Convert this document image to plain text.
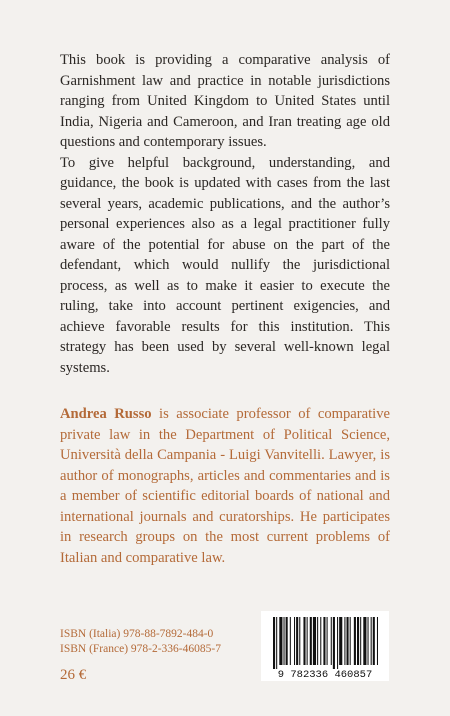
This book is providing a comparative analysis of Garnishment law and practice in notable jurisdictions ranging from United Kingdom to United States until India, Nigeria and Cameroon, and Iran treating age old questions and contemporary issues.

To give helpful background, understanding, and guidance, the book is updated with cases from the last several years, academic publications, and the author’s personal experiences also as a legal practitioner fully aware of the potential for abuse on the part of the defendant, which would nullify the jurisdictional process, as well as to make it easier to execute the ruling, take into account pertinent exigencies, and achieve favorable results for this institution. This strategy has been used by several well-known legal systems.

Andrea Russo is associate professor of comparative private law in the Department of Political Science, Università della Campania - Luigi Vanvitelli. Lawyer, is author of monographs, articles and commentaries and is a member of scientific editorial boards of national and international journals and curatorships. He participates in research groups on the most current problems of Italian and comparative law.

ISBN (Italia) 978-88-7892-484-0
ISBN (France) 978-2-336-46085-7
26 €	9 782336 460857
